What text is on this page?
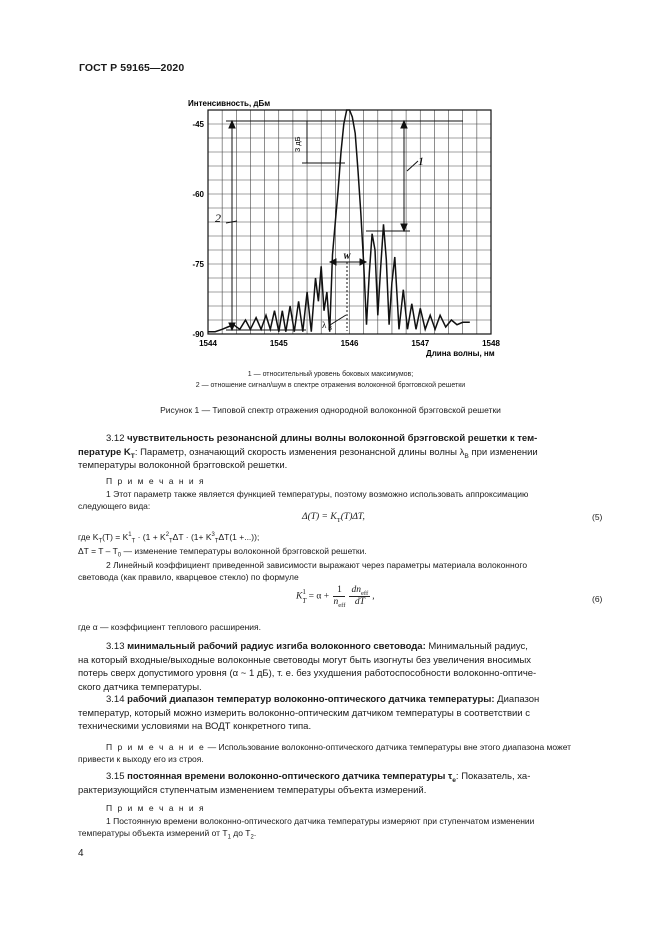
ГОСТ Р 59165—2020
1544	1545	1546	1547	1548
-45
-60
-75
-90
Интенсивность, дБм
Длина волны, нм
1
2
3 дБ
W
λ B
1 — относительный уровень боковых максимумов;
2 — отношение сигнал/шум в спектре отражения волоконной брэгговской решетки
Рисунок 1 — Типовой спектр отражения однородной волоконной брэгговской решетки
3.12 чувствительность резонансной длины волны волоконной брэгговской решетки к тем-
пературе $K_T$: Параметр, означающий скорость изменения резонансной длины волны $\lambda_B$ при изменении
температуры волоконной брэгговской решетки.
П р и м е ч а н и я
1 Этот параметр также является функцией температуры, поэтому возможно использовать аппроксимацию
следующего вида:
$\Delta(T) = K_T(T)\Delta T$,	(5)
где $K_T(T) = K^1_T \cdot (1 + K^2_T\Delta T \cdot (1+ K^3_T\Delta T(1$ +...));
$\Delta T = T - T_0$ — изменение температуры волоконной брэгговской решетки.
2 Линейный коэффициент приведенной зависимости выражают через параметры материала волоконного
световода (как правило, кварцевое стекло) по формуле
K
1
$T = \alpha + \frac{1}{n_{eff}} \frac{dn_{eff}}{dT}$ ,	(6)
где α — коэффициент теплового расширения.
3.13 минимальный рабочий радиус изгиба волоконного световода: Минимальный радиус,
на который входные/выходные волоконные световоды могут быть изогнуты без увеличения вносимых
потерь сверх допустимого уровня (α ~ 1 дБ), т. е. без ухудшения работоспособности волоконно-оптиче-
ского датчика температуры.
3.14 рабочий диапазон температур волоконно-оптического датчика температуры: Диапазон
температур, который можно измерить волоконно-оптическим датчиком температуры в соответствии с
техническими условиями на ВОДТ конкретного типа.
П р и м е ч а н и е — Использование волоконно-оптического датчика температуры вне этого диапазона может
привести к выходу его из строя.
3.15 постоянная времени волоконно-оптического датчика температуры $\tau_e$: Показатель, ха-
рактеризующийся ступенчатым изменением температуры объекта измерений.
П р и м е ч а н и я
1 Постоянную времени волоконно-оптического датчика температуры измеряют при ступенчатом изменении
температуры объекта измерений от $T_1$ до $T_2$.
4
